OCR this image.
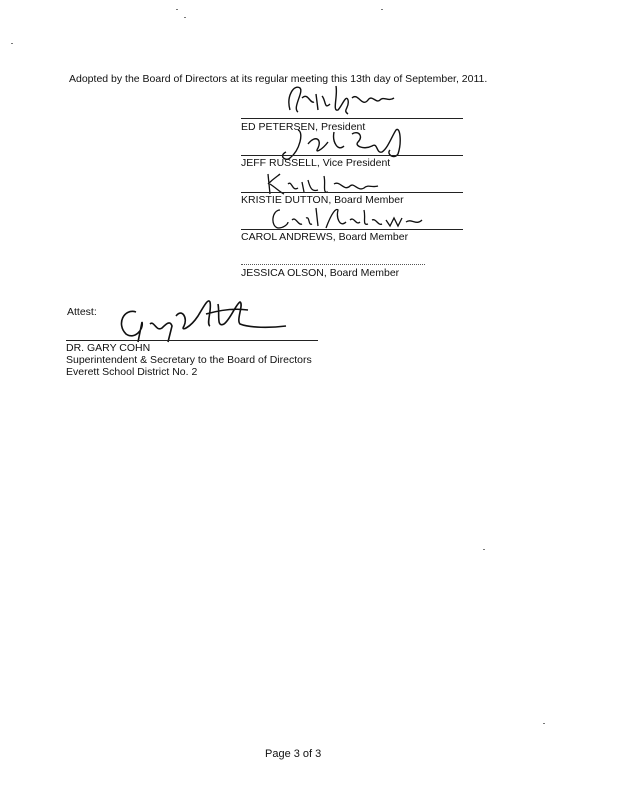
Adopted by the Board of Directors at its regular meeting this 13th day of September, 2011.
ED PETERSEN, President
JEFF RUSSELL, Vice President
KRISTIE DUTTON, Board Member
CAROL ANDREWS, Board Member
JESSICA OLSON, Board Member
Attest:
DR. GARY COHN
Superintendent & Secretary to the Board of Directors
Everett School District No. 2
Page 3 of 3
